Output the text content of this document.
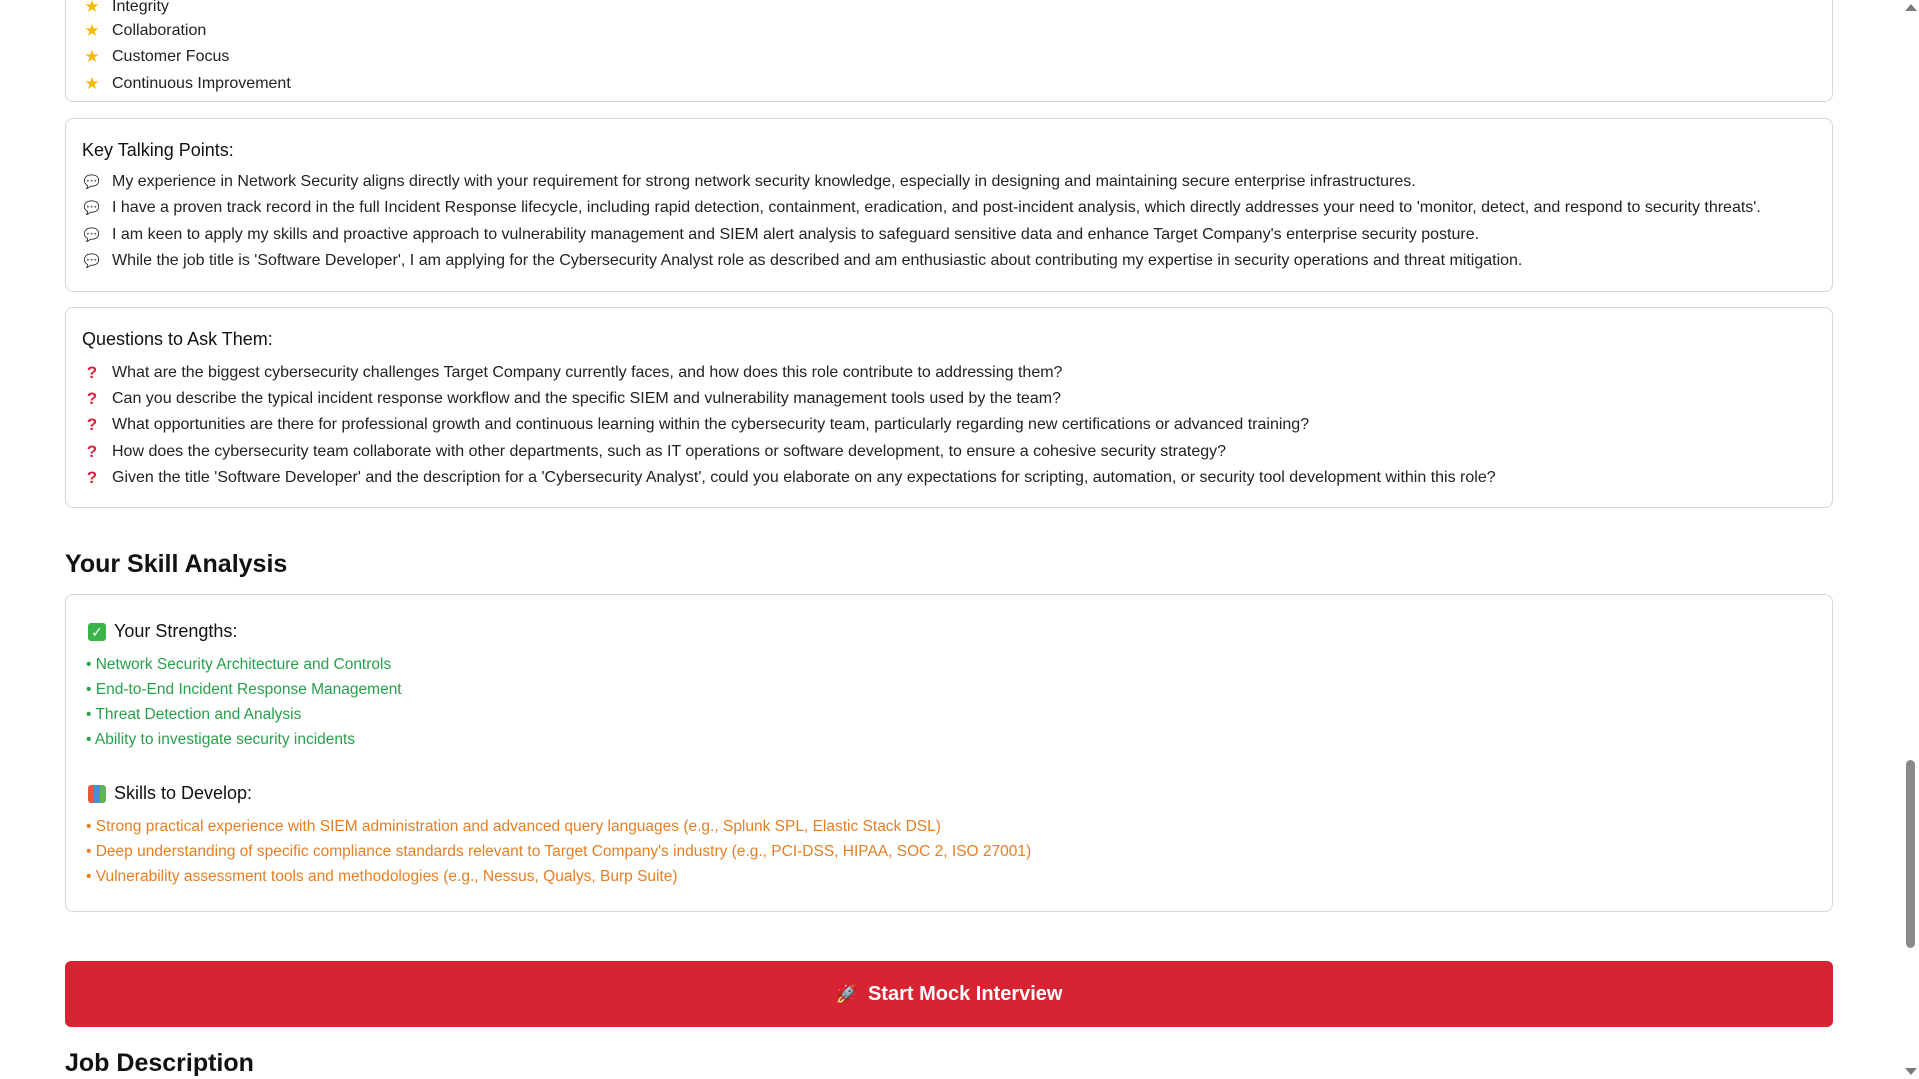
★ Integrity
★ Collaboration
★ Customer Focus
★ Continuous Improvement
Key Talking Points:
💬 My experience in Network Security aligns directly with your requirement for strong network security knowledge, especially in designing and maintaining secure enterprise infrastructures.
💬 I have a proven track record in the full Incident Response lifecycle, including rapid detection, containment, eradication, and post-incident analysis, which directly addresses your need to 'monitor, detect, and respond to security threats'.
💬 I am keen to apply my skills and proactive approach to vulnerability management and SIEM alert analysis to safeguard sensitive data and enhance Target Company's enterprise security posture.
💬 While the job title is 'Software Developer', I am applying for the Cybersecurity Analyst role as described and am enthusiastic about contributing my expertise in security operations and threat mitigation.
Questions to Ask Them:
? What are the biggest cybersecurity challenges Target Company currently faces, and how does this role contribute to addressing them?
? Can you describe the typical incident response workflow and the specific SIEM and vulnerability management tools used by the team?
? What opportunities are there for professional growth and continuous learning within the cybersecurity team, particularly regarding new certifications or advanced training?
? How does the cybersecurity team collaborate with other departments, such as IT operations or software development, to ensure a cohesive security strategy?
? Given the title 'Software Developer' and the description for a 'Cybersecurity Analyst', could you elaborate on any expectations for scripting, automation, or security tool development within this role?
Your Skill Analysis
✓ Your Strengths:
• Network Security Architecture and Controls
• End-to-End Incident Response Management
• Threat Detection and Analysis
• Ability to investigate security incidents
Skills to Develop:
• Strong practical experience with SIEM administration and advanced query languages (e.g., Splunk SPL, Elastic Stack DSL)
• Deep understanding of specific compliance standards relevant to Target Company's industry (e.g., PCI-DSS, HIPAA, SOC 2, ISO 27001)
• Vulnerability assessment tools and methodologies (e.g., Nessus, Qualys, Burp Suite)
🚀 Start Mock Interview
Job Description
